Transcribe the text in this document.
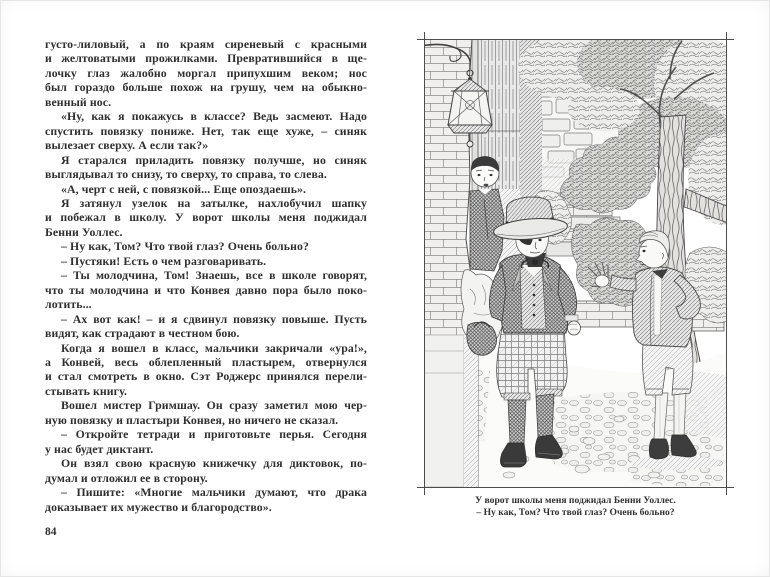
густо-лиловый, а по краям сиреневый с красными
и желтоватыми прожилками. Превратившийся в ще-
лочку глаз жалобно моргал припухшим веком; нос
был гораздо больше похож на грушу, чем на обыкно-
венный нос.
«Ну, как я покажусь в классе? Ведь засмеют. Надо
спустить повязку пониже. Нет, так еще хуже, – синяк
вылезает сверху. А если так?»
Я старался приладить повязку получше, но синяк
выглядывал то снизу, то сверху, то справа, то слева.
«А, черт с ней, с повязкой... Еще опоздаешь».
Я затянул узелок на затылке, нахлобучил шапку
и побежал в школу. У ворот школы меня поджидал
Бенни Уоллес.
– Ну как, Том? Что твой глаз? Очень больно?
– Пустяки! Есть о чем разговаривать.
– Ты молодчина, Том! Знаешь, все в школе говорят,
что ты молодчина и что Конвея давно пора было поко-
лотить...
– Ах вот как! – и я сдвинул повязку повыше. Пусть
видят, как страдают в честном бою.
Когда я вошел в класс, мальчики закричали «ура!»,
а Конвей, весь облепленный пластырем, отвернулся
и стал смотреть в окно. Сэт Роджерс принялся перели-
стывать книгу.
Вошел мистер Гримшау. Он сразу заметил мою чер-
ную повязку и пластыри Конвея, но ничего не сказал.
– Откройте тетради и приготовьте перья. Сегодня
у нас будет диктант.
Он взял свою красную книжечку для диктовок, по-
думал и отложил ее в сторону.
– Пишите: «Многие мальчики думают, что драка
доказывает их мужество и благородство».
84
У ворот школы меня поджидал Бенни Уоллес.
– Ну как, Том? Что твой глаз? Очень больно?
